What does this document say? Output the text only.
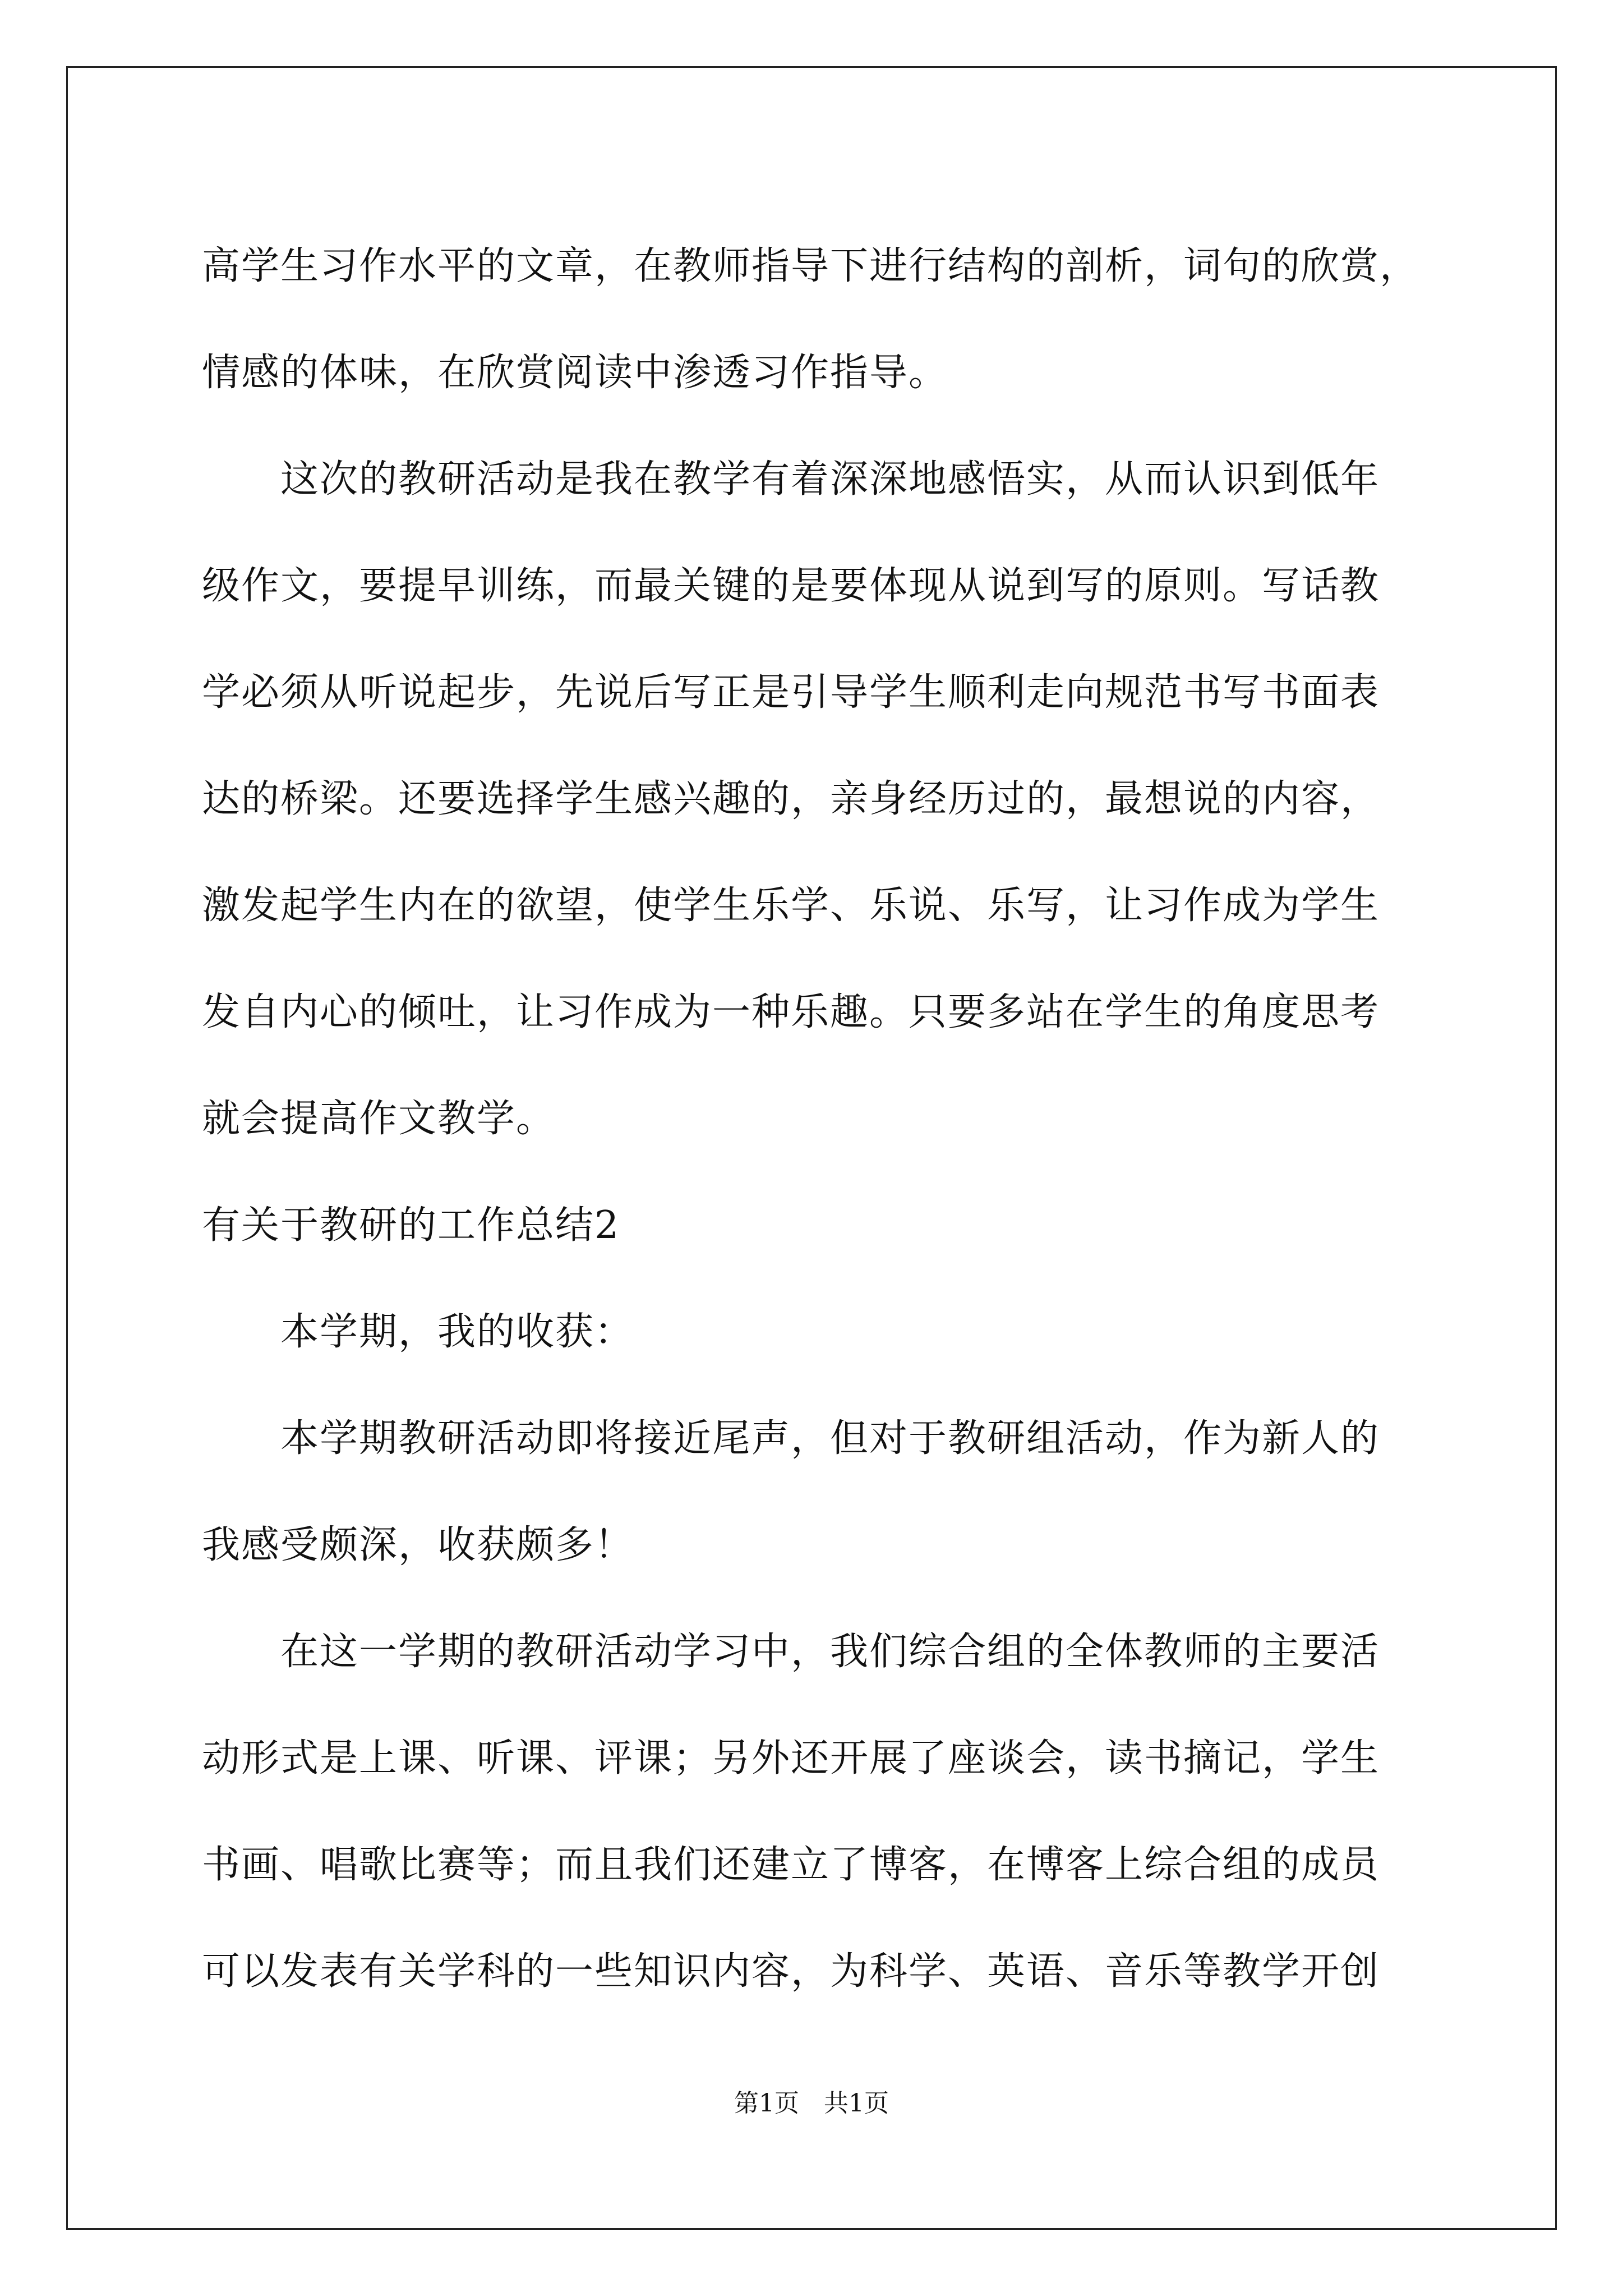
高学生习作水平的文章，在教师指导下进行结构的剖析，词句的欣赏，
情感的体味，在欣赏阅读中渗透习作指导。
　　这次的教研活动是我在教学有着深深地感悟实，从而认识到低年
级作文，要提早训练，而最关键的是要体现从说到写的原则。写话教
学必须从听说起步，先说后写正是引导学生顺利走向规范书写书面表
达的桥梁。还要选择学生感兴趣的，亲身经历过的，最想说的内容，
激发起学生内在的欲望，使学生乐学、乐说、乐写，让习作成为学生
发自内心的倾吐，让习作成为一种乐趣。只要多站在学生的角度思考
就会提高作文教学。
有关于教研的工作总结2
　　本学期，我的收获：
　　本学期教研活动即将接近尾声，但对于教研组活动，作为新人的
我感受颇深，收获颇多！
　　在这一学期的教研活动学习中，我们综合组的全体教师的主要活
动形式是上课、听课、评课；另外还开展了座谈会，读书摘记，学生
书画、唱歌比赛等；而且我们还建立了博客，在博客上综合组的成员
可以发表有关学科的一些知识内容，为科学、英语、音乐等教学开创
第1页　共1页
